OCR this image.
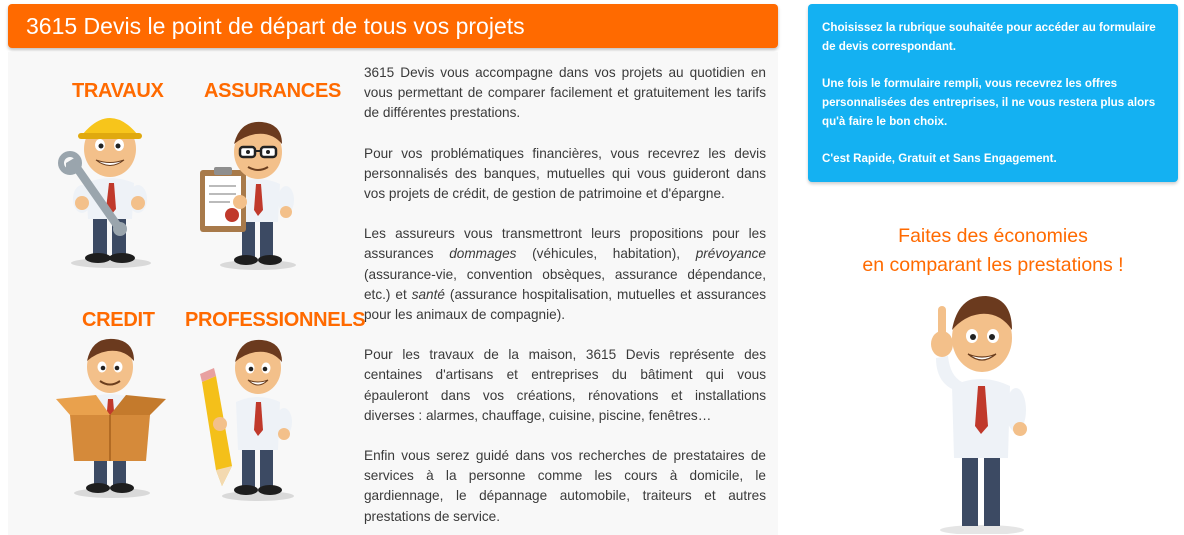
3615 Devis le point de départ de tous vos projets
TRAVAUX ASSURANCES
CREDIT PROFESSIONNELS

3615 Devis vous accompagne dans vos projets au quotidien en vous permettant de comparer facilement et gratuitement les tarifs de différentes prestations.

Pour vos problématiques financières, vous recevrez les devis personnalisés des banques, mutuelles qui vous guideront dans vos projets de crédit, de gestion de patrimoine et d'épargne.

Les assureurs vous transmettront leurs propositions pour les assurances dommages (véhicules, habitation), prévoyance (assurance-vie, convention obsèques, assurance dépendance, etc.) et santé (assurance hospitalisation, mutuelles et assurances pour les animaux de compagnie).

Pour les travaux de la maison, 3615 Devis représente des centaines d'artisans et entreprises du bâtiment qui vous épauleront dans vos créations, rénovations et installations diverses : alarmes, chauffage, cuisine, piscine, fenêtres…

Enfin vous serez guidé dans vos recherches de prestataires de services à la personne comme les cours à domicile, le gardiennage, le dépannage automobile, traiteurs et autres prestations de service.

Choisissez la rubrique souhaitée pour accéder au formulaire de devis correspondant.

Une fois le formulaire rempli, vous recevrez les offres personnalisées des entreprises, il ne vous restera plus alors qu'à faire le bon choix.

C'est Rapide, Gratuit et Sans Engagement.

Faites des économies
en comparant les prestations !
